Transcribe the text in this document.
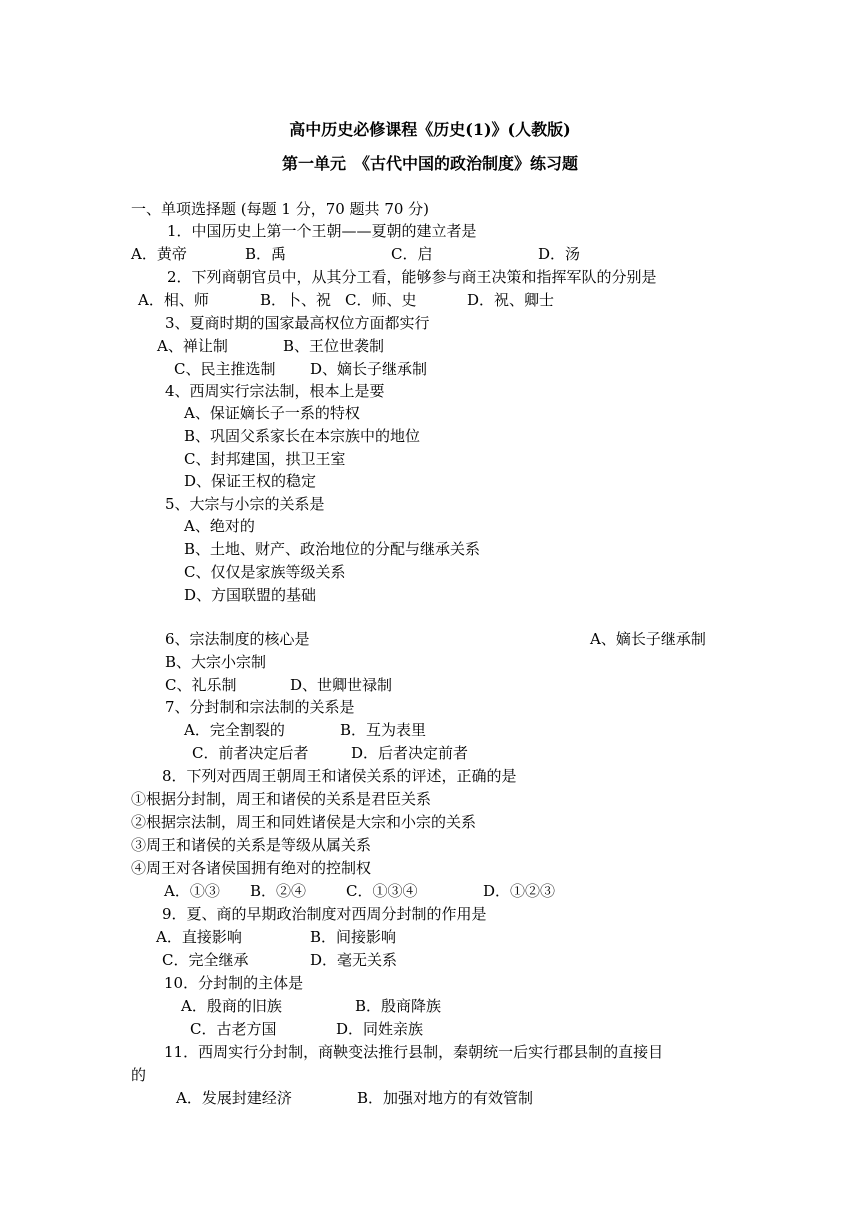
高中历史必修课程《历史(1)》(人教版)
第一单元　《古代中国的政治制度》练习题
一、单项选择题 (每题 1 分，70 题共 70 分)
1．中国历史上第一个王朝——夏朝的建立者是
A．黄帝	B．禹	C．启	D．汤
2．下列商朝官员中，从其分工看，能够参与商王决策和指挥军队的分别是
A．相、师	B．卜、祝 C．师、史	D．祝、卿士
3、夏商时期的国家最高权位方面都实行
A、禅让制	B、王位世袭制
C、民主推选制 D、嫡长子继承制
4、西周实行宗法制，根本上是要
A、保证嫡长子一系的特权
B、巩固父系家长在本宗族中的地位
C、封邦建国，拱卫王室
D、保证王权的稳定
5、大宗与小宗的关系是
A、绝对的
B、土地、财产、政治地位的分配与继承关系
C、仅仅是家族等级关系
D、方国联盟的基础
6、宗法制度的核心是	A、嫡长子继承制
B、大宗小宗制
C、礼乐制	D、世卿世禄制
7、分封制和宗法制的关系是
A．完全割裂的	B．互为表里
C．前者决定后者	D．后者决定前者
8．下列对西周王朝周王和诸侯关系的评述，正确的是
①根据分封制，周王和诸侯的关系是君臣关系
②根据宗法制，周王和同姓诸侯是大宗和小宗的关系
③周王和诸侯的关系是等级从属关系
④周王对各诸侯国拥有绝对的控制权
A．①③ B．②④	C．①③④	D．①②③
9．夏、商的早期政治制度对西周分封制的作用是
A．直接影响	B．间接影响
C．完全继承	D．毫无关系
10．分封制的主体是
A．殷商的旧族	B．殷商降族
C．古老方国	D．同姓亲族
11．西周实行分封制，商鞅变法推行县制，秦朝统一后实行郡县制的直接目
的
A．发展封建经济	B．加强对地方的有效管制
